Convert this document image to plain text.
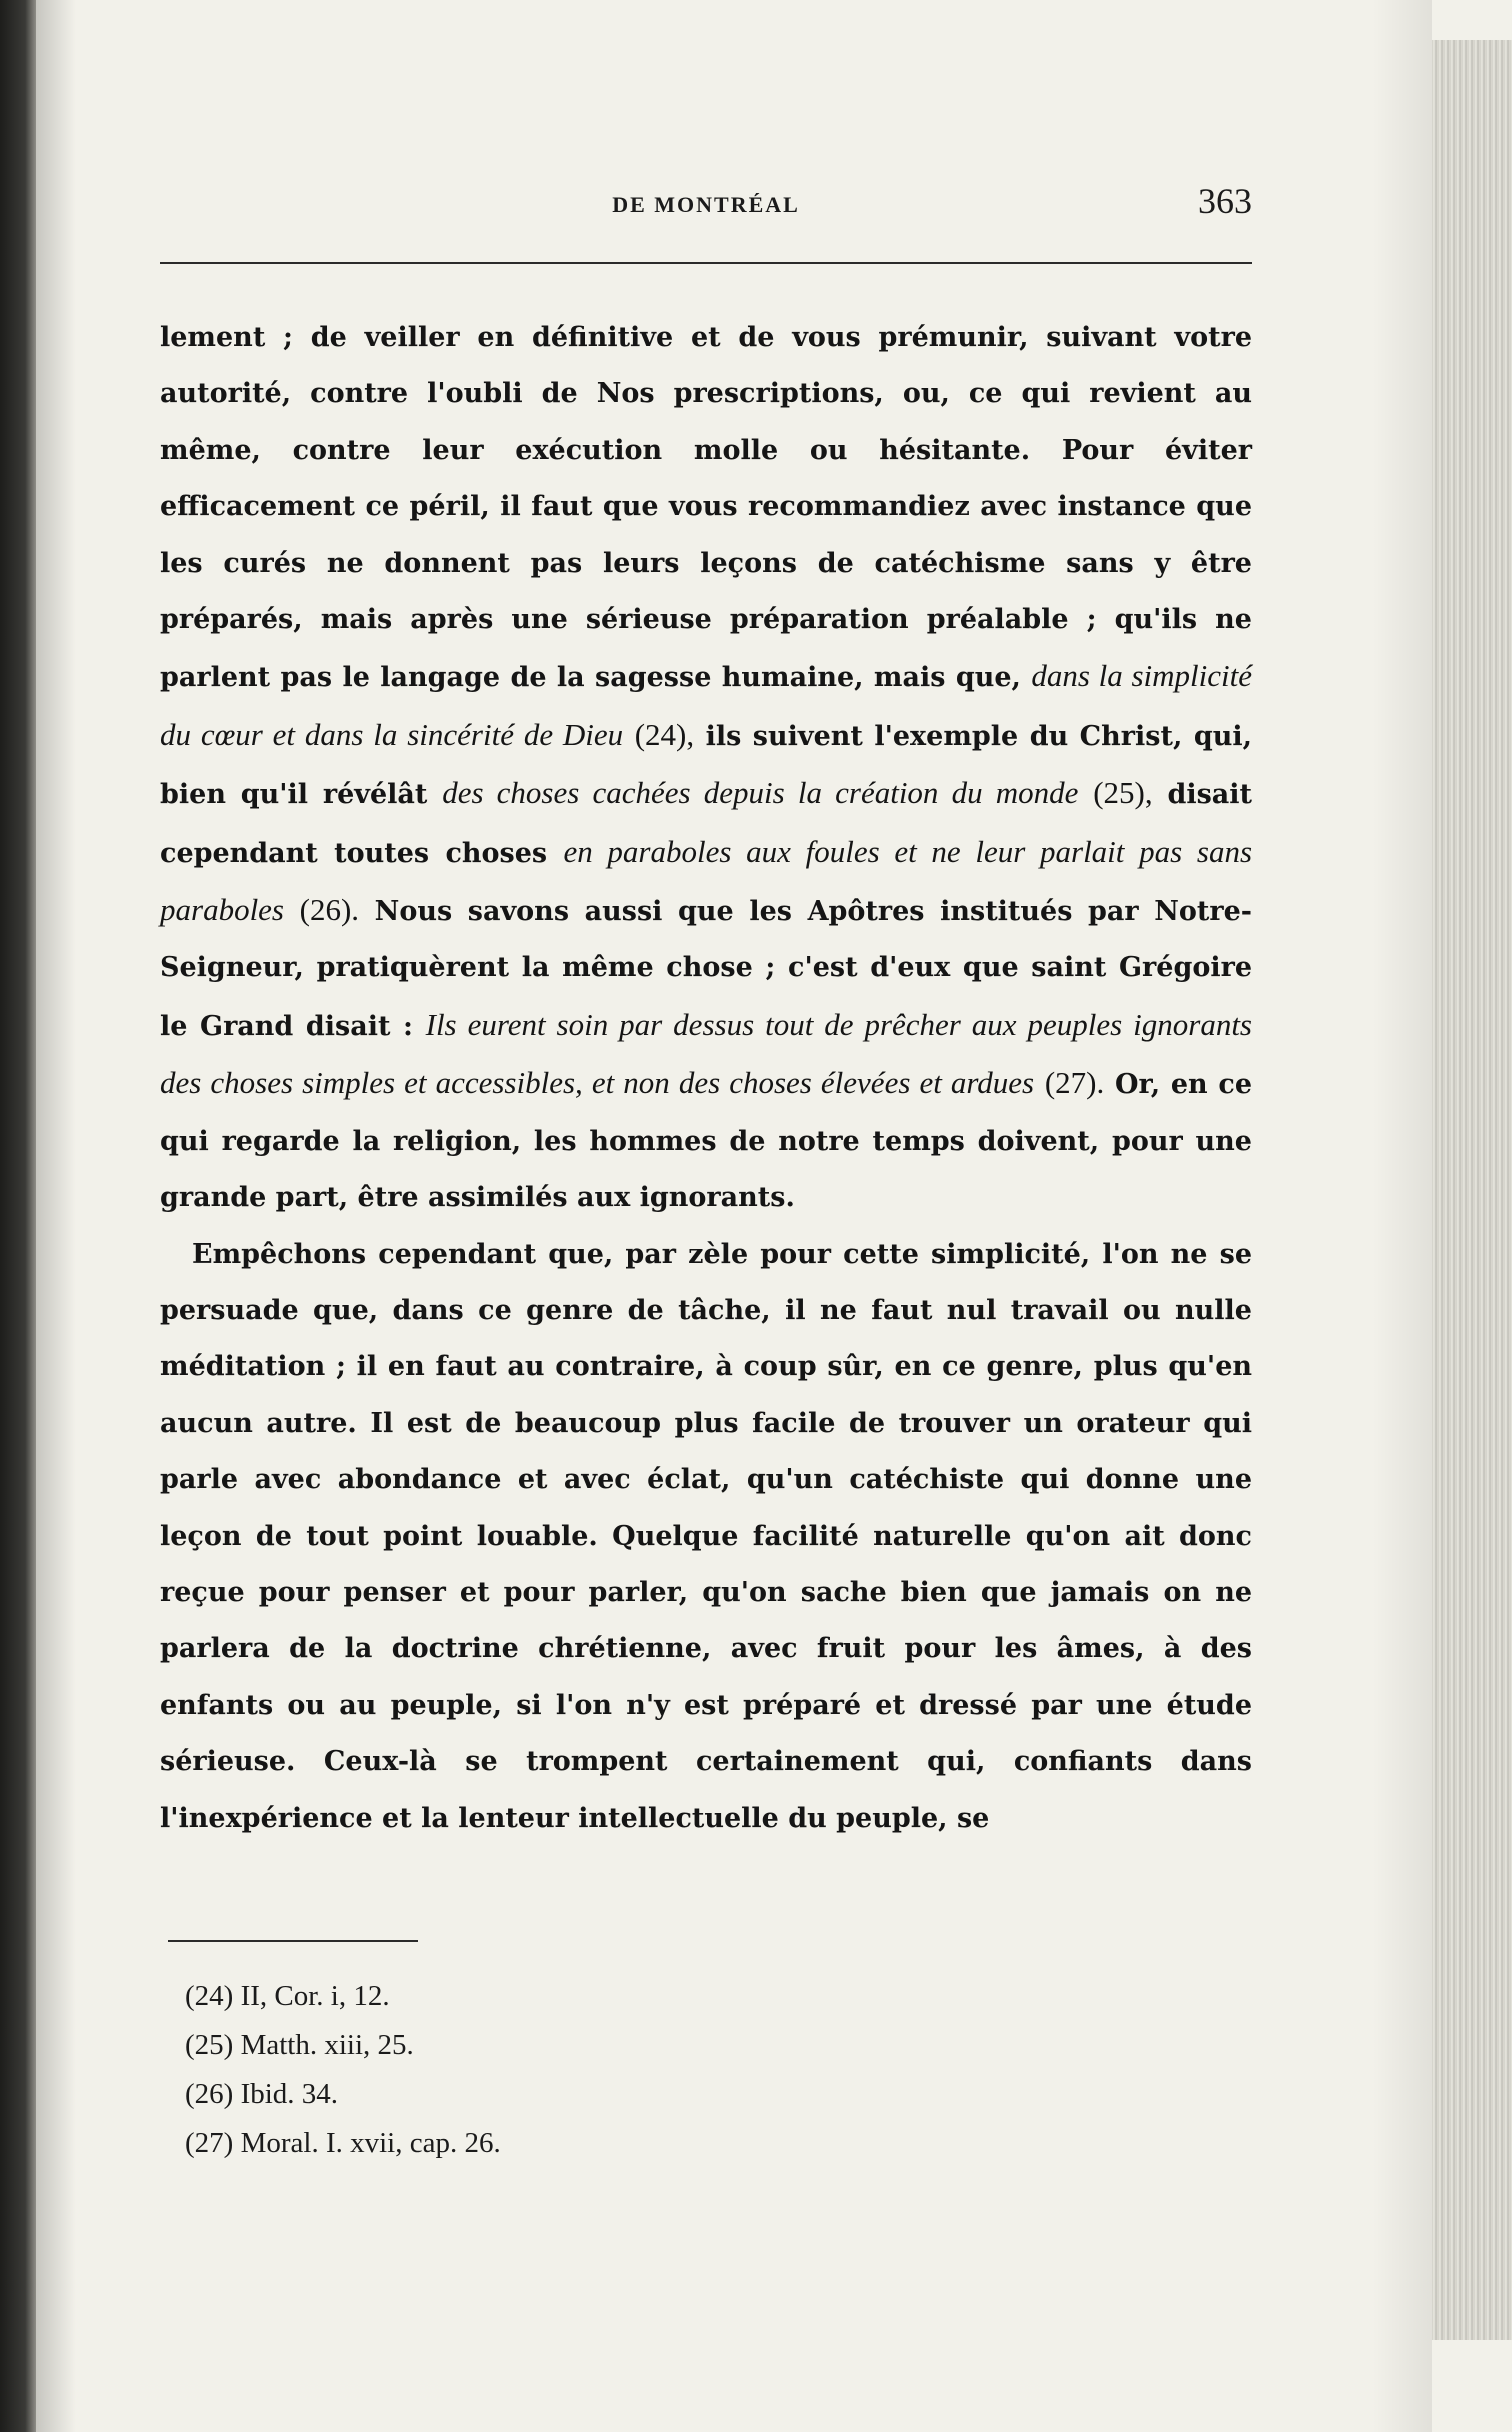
DE MONTRÉAL	363

lement ; de veiller en définitive et de vous prémunir, suivant votre autorité, contre l'oubli de Nos prescriptions, ou, ce qui revient au même, contre leur exécution molle ou hésitante. Pour éviter efficacement ce péril, il faut que vous recommandiez avec instance que les curés ne donnent pas leurs leçons de catéchisme sans y être préparés, mais après une sérieuse préparation préalable ; qu'ils ne parlent pas le langage de la sagesse humaine, mais que, dans la simplicité du cœur et dans la sincérité de Dieu (24), ils suivent l'exemple du Christ, qui, bien qu'il révélât des choses cachées depuis la création du monde (25), disait cependant toutes choses en paraboles aux foules et ne leur parlait pas sans paraboles (26). Nous savons aussi que les Apôtres institués par Notre-Seigneur, pratiquèrent la même chose ; c'est d'eux que saint Grégoire le Grand disait : Ils eurent soin par dessus tout de prêcher aux peuples ignorants des choses simples et accessibles, et non des choses élevées et ardues (27). Or, en ce qui regarde la religion, les hommes de notre temps doivent, pour une grande part, être assimilés aux ignorants.

Empêchons cependant que, par zèle pour cette simplicité, l'on ne se persuade que, dans ce genre de tâche, il ne faut nul travail ou nulle méditation ; il en faut au contraire, à coup sûr, en ce genre, plus qu'en aucun autre. Il est de beaucoup plus facile de trouver un orateur qui parle avec abondance et avec éclat, qu'un catéchiste qui donne une leçon de tout point louable. Quelque facilité naturelle qu'on ait donc reçue pour penser et pour parler, qu'on sache bien que jamais on ne parlera de la doctrine chrétienne, avec fruit pour les âmes, à des enfants ou au peuple, si l'on n'y est préparé et dressé par une étude sérieuse. Ceux-là se trompent certainement qui, confiants dans l'inexpérience et la lenteur intellectuelle du peuple, se

(24) II, Cor. i, 12.
(25) Matth. xiii, 25.
(26) Ibid. 34.
(27) Moral. I. xvii, cap. 26.
